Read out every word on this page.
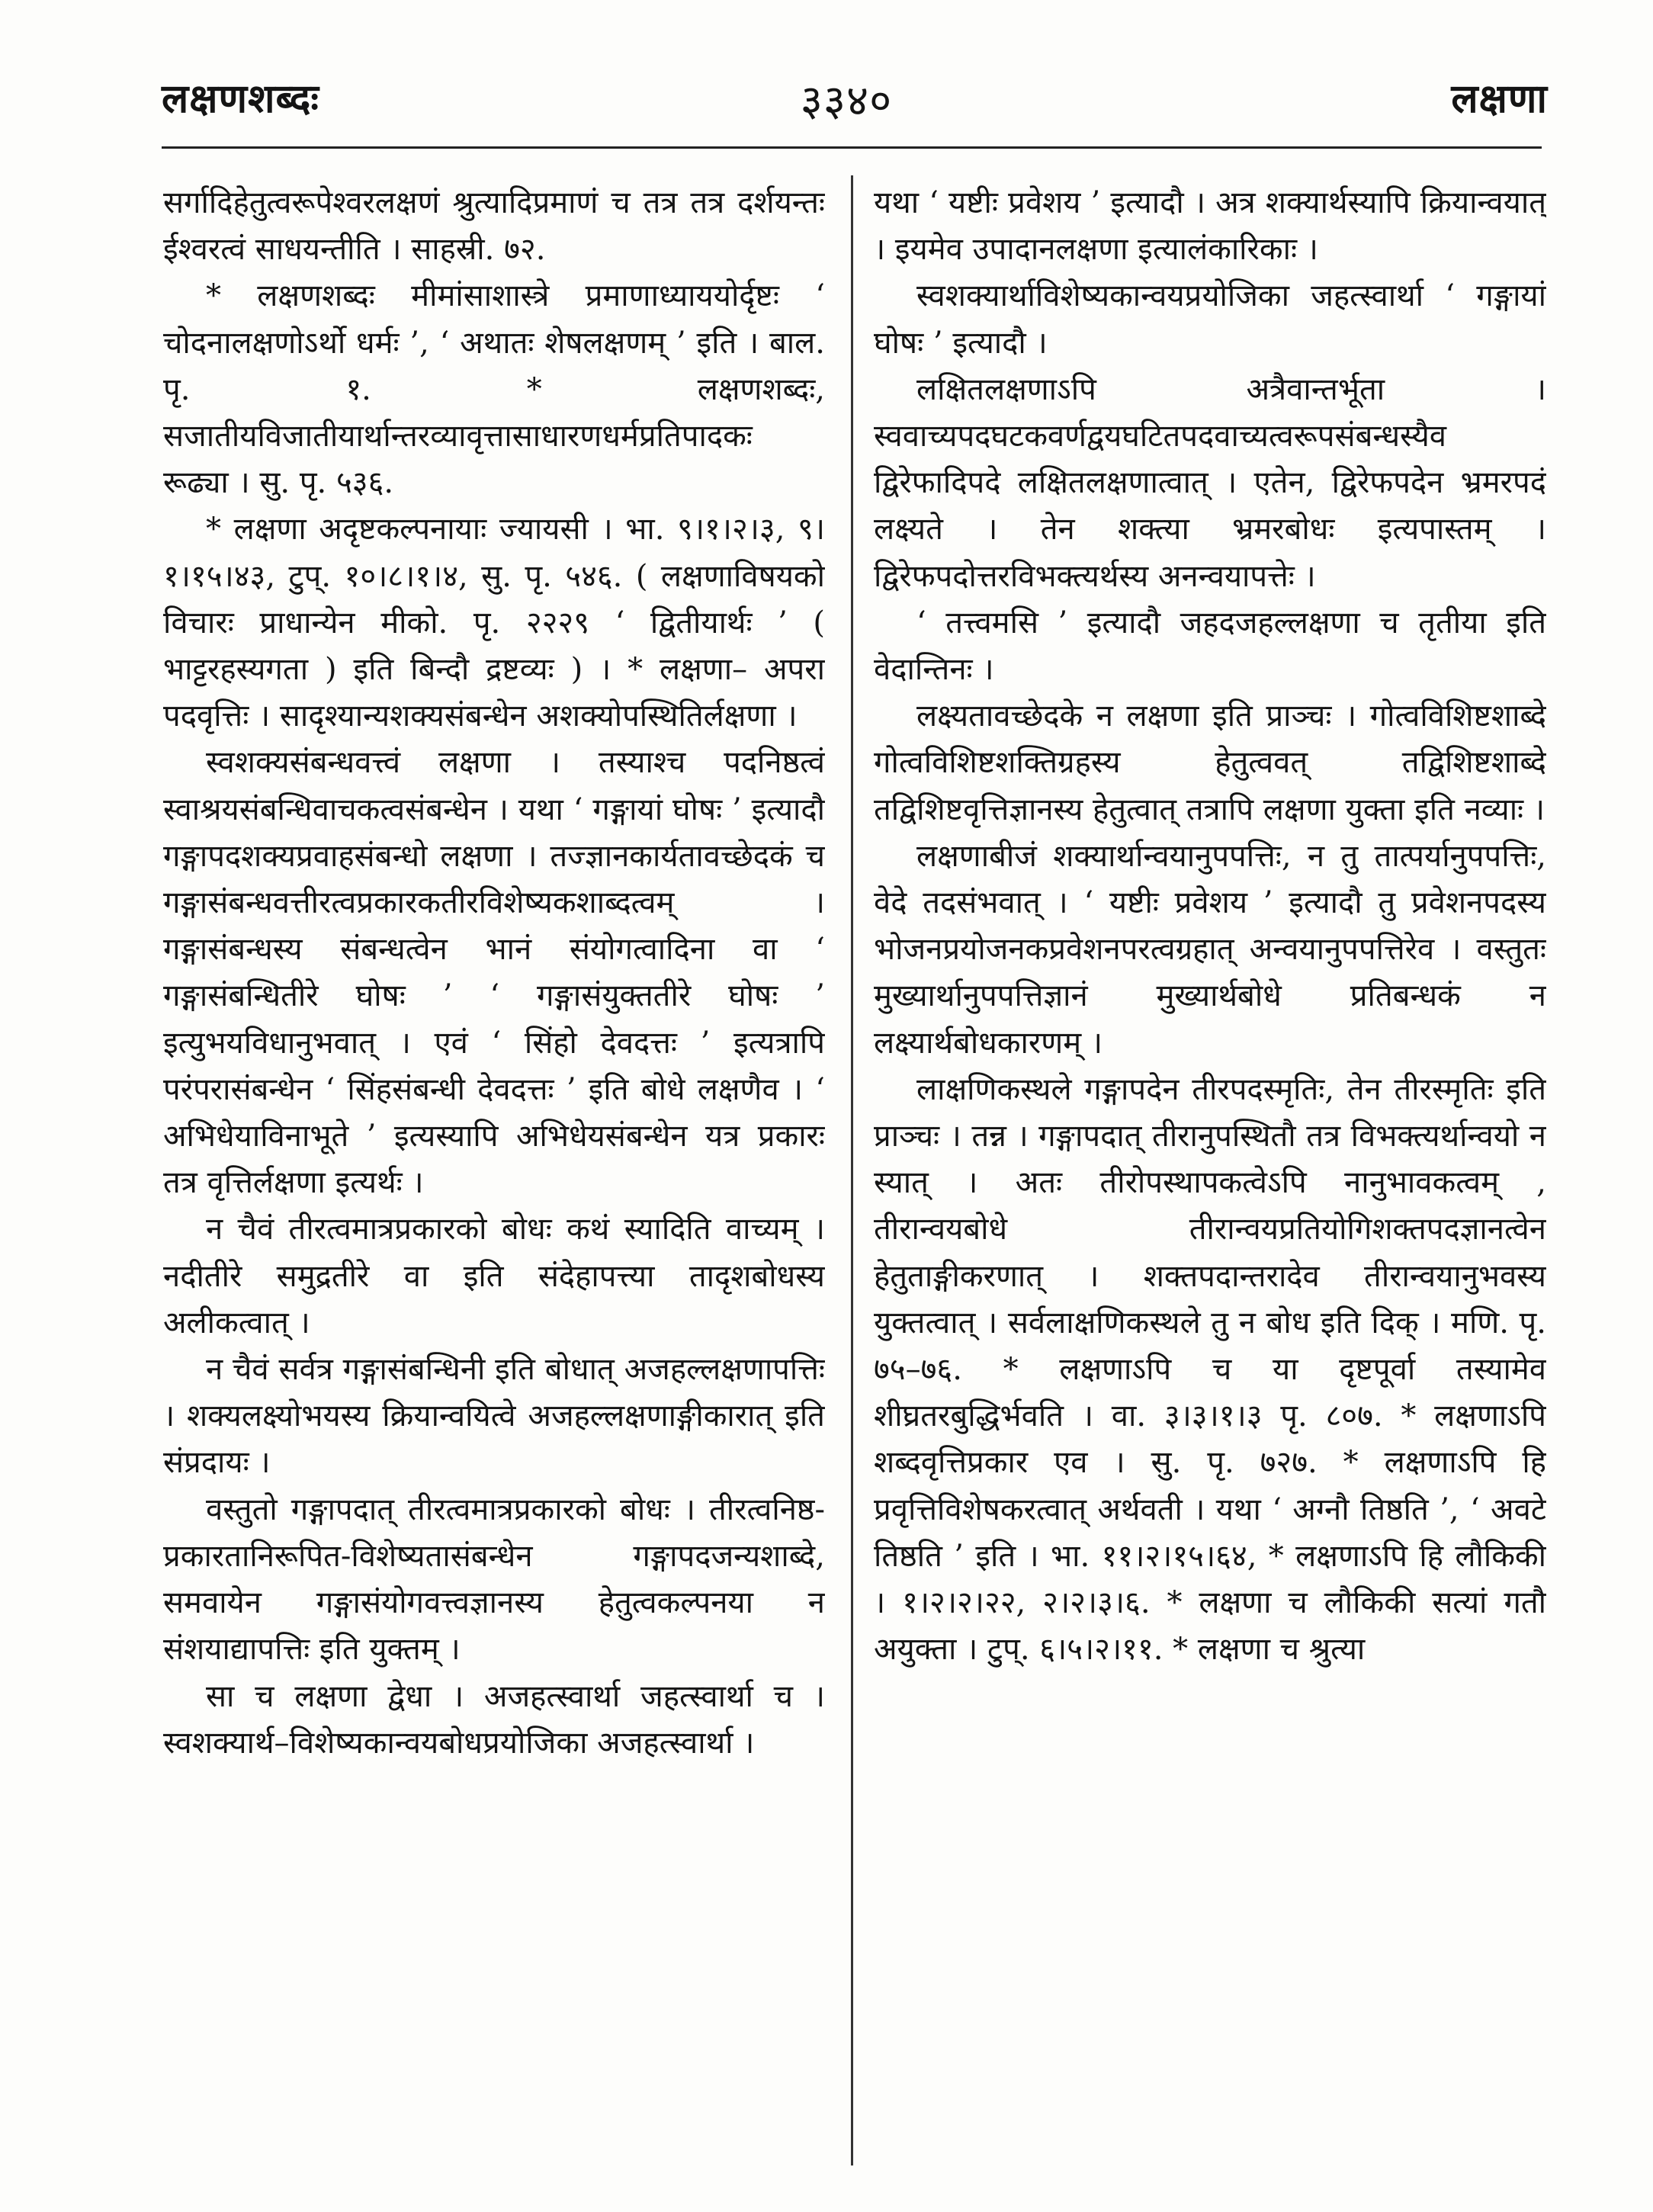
लक्षणशब्दः	३३४०	लक्षणा

सर्गादिहेतुत्वरूपेश्वरलक्षणं श्रुत्यादिप्रमाणं च तत्र तत्र दर्शयन्तः ईश्वरत्वं साधयन्तीति । साहस्री. ७२.

* लक्षणशब्दः मीमांसाशास्त्रे प्रमाणाध्याययोर्दृष्टः ‘ चोदनालक्षणोऽर्थो धर्मः ’, ‘ अथातः शेषलक्षणम् ’ इति । बाल. पृ. १. * लक्षणशब्दः, सजातीयविजातीयार्थान्तरव्यावृत्तासाधारणधर्मप्रतिपादकः रूढ्या । सु. पृ. ५३६.

* लक्षणा अदृष्टकल्पनायाः ज्यायसी । भा. ९।१।२।३, ९।१।१५।४३, टुप्. १०।८।१।४, सु. पृ. ५४६. ( लक्षणाविषयको विचारः प्राधान्येन मीको. पृ. २२२९ ‘ द्वितीयार्थः ’ ( भाट्टरहस्यगता ) इति बिन्दौ द्रष्टव्यः ) । * लक्षणा– अपरा पदवृत्तिः । सादृश्यान्यशक्यसंबन्धेन अशक्योपस्थितिर्लक्षणा ।

स्वशक्यसंबन्धवत्त्वं लक्षणा । तस्याश्च पदनिष्ठत्वं स्वाश्रयसंबन्धिवाचकत्वसंबन्धेन । यथा ‘ गङ्गायां घोषः ’ इत्यादौ गङ्गापदशक्यप्रवाहसंबन्धो लक्षणा । तज्ज्ञानकार्यतावच्छेदकं च गङ्गासंबन्धवत्तीरत्वप्रकारकतीरविशेष्यकशाब्दत्वम् । गङ्गासंबन्धस्य संबन्धत्वेन भानं संयोगत्वादिना वा ‘ गङ्गासंबन्धितीरे घोषः ’ ‘ गङ्गासंयुक्ततीरे घोषः ’ इत्युभयविधानुभवात् । एवं ‘ सिंहो देवदत्तः ’ इत्यत्रापि परंपरासंबन्धेन ‘ सिंहसंबन्धी देवदत्तः ’ इति बोधे लक्षणैव । ‘ अभिधेयाविनाभूते ’ इत्यस्यापि अभिधेयसंबन्धेन यत्र प्रकारः तत्र वृत्तिर्लक्षणा इत्यर्थः ।

न चैवं तीरत्वमात्रप्रकारको बोधः कथं स्यादिति वाच्यम् । नदीतीरे समुद्रतीरे वा इति संदेहापत्त्या तादृशबोधस्य अलीकत्वात् ।

न चैवं सर्वत्र गङ्गासंबन्धिनी इति बोधात् अजहल्लक्षणापत्तिः । शक्यलक्ष्योभयस्य क्रियान्वयित्वे अजहल्लक्षणाङ्गीकारात् इति संप्रदायः ।

वस्तुतो गङ्गापदात् तीरत्वमात्रप्रकारको बोधः । तीरत्वनिष्ठ-प्रकारतानिरूपित-विशेष्यतासंबन्धेन गङ्गापदजन्यशाब्दे, समवायेन गङ्गासंयोगवत्त्वज्ञानस्य हेतुत्वकल्पनया न संशयाद्यापत्तिः इति युक्तम् ।

सा च लक्षणा द्वेधा । अजहत्स्वार्था जहत्स्वार्था च । स्वशक्यार्थ–विशेष्यकान्वयबोधप्रयोजिका अजहत्स्वार्था ।

यथा ‘ यष्टीः प्रवेशय ’ इत्यादौ । अत्र शक्यार्थस्यापि क्रियान्वयात् । इयमेव उपादानलक्षणा इत्यालंकारिकाः ।

स्वशक्यार्थाविशेष्यकान्वयप्रयोजिका जहत्स्वार्था ‘ गङ्गायां घोषः ’ इत्यादौ ।

लक्षितलक्षणाऽपि अत्रैवान्तर्भूता । स्ववाच्यपदघटकवर्णद्वयघटितपदवाच्यत्वरूपसंबन्धस्यैव द्विरेफादिपदे लक्षितलक्षणात्वात् । एतेन, द्विरेफपदेन भ्रमरपदं लक्ष्यते । तेन शक्त्या भ्रमरबोधः इत्यपास्तम् । द्विरेफपदोत्तरविभक्त्यर्थस्य अनन्वयापत्तेः ।

‘ तत्त्वमसि ’ इत्यादौ जहदजहल्लक्षणा च तृतीया इति वेदान्तिनः ।

लक्ष्यतावच्छेदके न लक्षणा इति प्राञ्चः । गोत्वविशिष्टशाब्दे गोत्वविशिष्टशक्तिग्रहस्य हेतुत्ववत् तद्विशिष्टशाब्दे तद्विशिष्टवृत्तिज्ञानस्य हेतुत्वात् तत्रापि लक्षणा युक्ता इति नव्याः ।

लक्षणाबीजं शक्यार्थान्वयानुपपत्तिः, न तु तात्पर्यानुपपत्तिः, वेदे तदसंभवात् । ‘ यष्टीः प्रवेशय ’ इत्यादौ तु प्रवेशनपदस्य भोजनप्रयोजनकप्रवेशनपरत्वग्रहात् अन्वयानुपपत्तिरेव । वस्तुतः मुख्यार्थानुपपत्तिज्ञानं मुख्यार्थबोधे प्रतिबन्धकं न लक्ष्यार्थबोधकारणम् ।

लाक्षणिकस्थले गङ्गापदेन तीरपदस्मृतिः, तेन तीरस्मृतिः इति प्राञ्चः । तन्न । गङ्गापदात् तीरानुपस्थितौ तत्र विभक्त्यर्थान्वयो न स्यात् । अतः तीरोपस्थापकत्वेऽपि नानुभावकत्वम् , तीरान्वयबोधे तीरान्वयप्रतियोगिशक्तपदज्ञानत्वेन हेतुताङ्गीकरणात् । शक्तपदान्तरादेव तीरान्वयानुभवस्य युक्तत्वात् । सर्वलाक्षणिकस्थले तु न बोध इति दिक् । मणि. पृ. ७५–७६. * लक्षणाऽपि च या दृष्टपूर्वा तस्यामेव शीघ्रतरबुद्धिर्भवति । वा. ३।३।१।३ पृ. ८०७. * लक्षणाऽपि शब्दवृत्तिप्रकार एव । सु. पृ. ७२७. * लक्षणाऽपि हि प्रवृत्तिविशेषकरत्वात् अर्थवती । यथा ‘ अग्नौ तिष्ठति ’, ‘ अवटे तिष्ठति ’ इति । भा. ११।२।१५।६४, * लक्षणाऽपि हि लौकिकी । १।२।२।२२, २।२।३।६. * लक्षणा च लौकिकी सत्यां गतौ अयुक्ता । टुप्. ६।५।२।११. * लक्षणा च श्रुत्या
